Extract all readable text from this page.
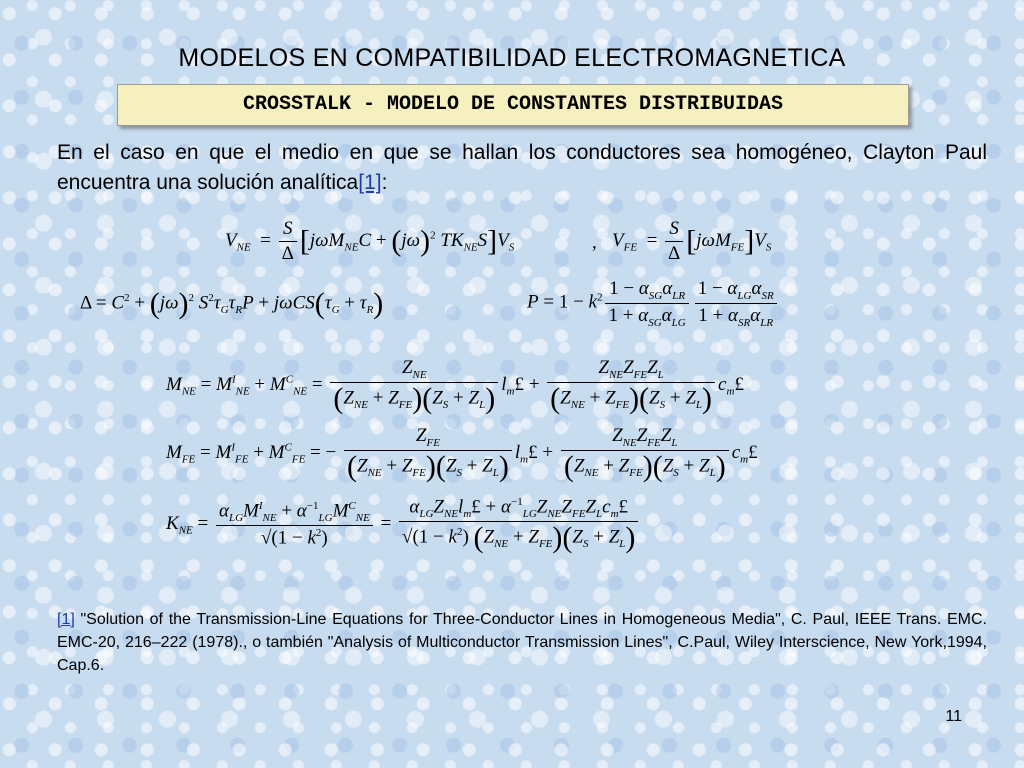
MODELOS EN COMPATIBILIDAD ELECTROMAGNETICA
CROSSTALK - MODELO DE CONSTANTES DISTRIBUIDAS
En el caso en que el medio en que se hallan los conductores sea homogéneo, Clayton Paul encuentra una solución analítica[1]:
$V_{NE} = \frac{S}{\Delta} [j\omega M_{NE}C + (j\omega)^2$ $TK_{NE}S]V_S$	, $V_{FE} = \frac{S}{\Delta} [j\omega M_{FE}]V_S$
$\Delta = C^2 + (j\omega)^2$ $S^2\tau_G\tau_RP + j\omega CS(\tau_G + \tau_R)$	$P = 1 - k^2 \frac{1 - \alpha_{SG}\alpha_{LR}}{1 + \alpha_{SG}\alpha_{LG}} \frac{1 - \alpha_{LG}\alpha_{SR}}{1 + \alpha_{SR}\alpha_{LR}}$
$M_{NE} = M^I_{NE} + M^C_{NE} = \frac{Z_{NE}}{(Z_{NE} + Z_{FE})(Z_S + Z_L)}$ $l_m£ + \frac{Z_{NE}Z_{FE}Z_L}{(Z_{NE} + Z_{FE})(Z_S + Z_L)}$ $c_m£$
$M_{FE} = M^I_{FE} + M^C_{FE}$ = − $\frac{Z_{FE}}{(Z_{NE} + Z_{FE})(Z_S + Z_L)}$ $l_m£ + \frac{Z_{NE}Z_{FE}Z_L}{(Z_{NE} + Z_{FE})(Z_S + Z_L)}$ $c_m£$
$K_{NE} = \frac{\alpha_{LG}M^I_{NE} + \alpha^{-1}_{LG}M^C_{NE}}{√(1 - k^2)} = \frac{\alpha_{LG}Z_{NE}l_m£ + \alpha^{-1}_{LG}Z_{NE}Z_{FE}Z_Lc_m£}{√(1 - k^2) (Z_{NE} + Z_{FE})(Z_S + Z_L)}$
[1] "Solution of the Transmission-Line Equations for Three-Conductor Lines in Homogeneous Media", C. Paul, IEEE Trans. EMC. EMC-20, 216–222 (1978)., o también "Analysis of Multiconductor Transmission Lines", C.Paul, Wiley Interscience, New York,1994, Cap.6.
11
